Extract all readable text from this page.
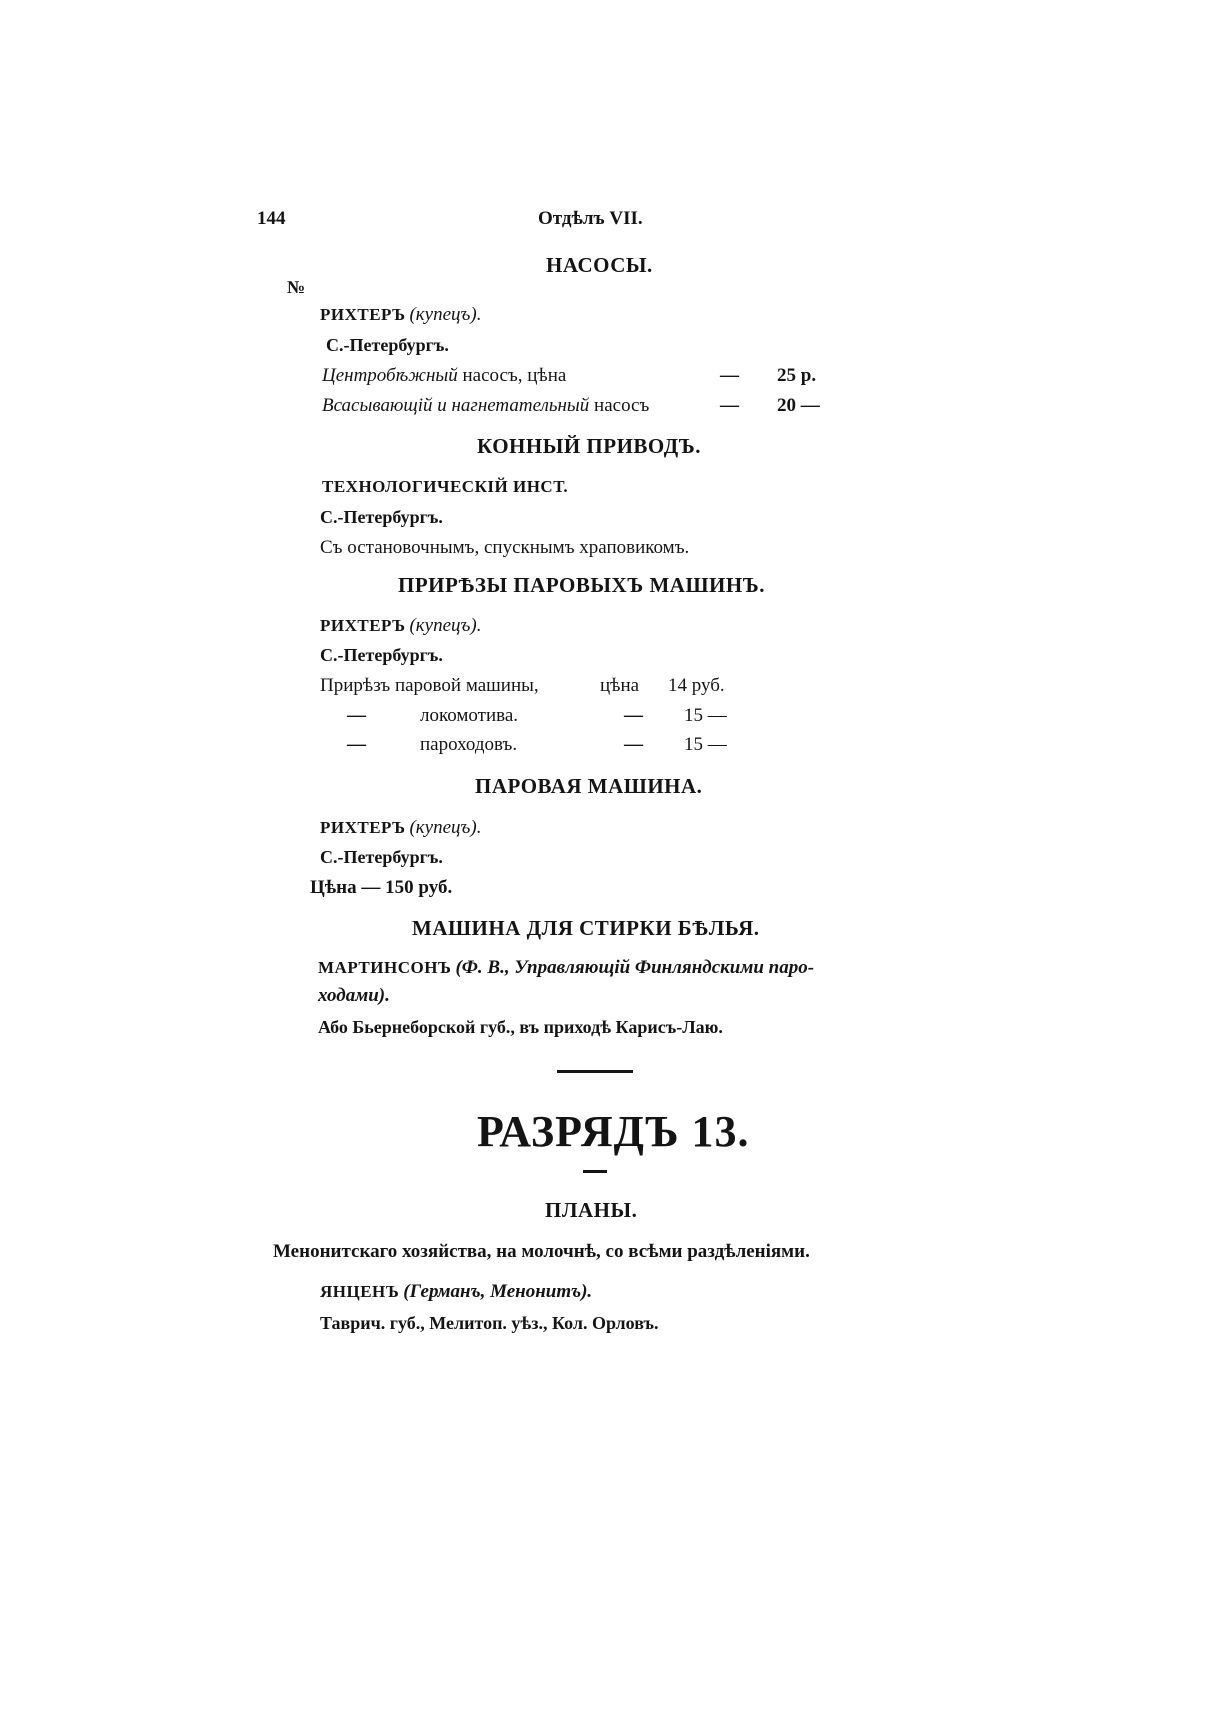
144	Отдѣлъ VII.
НАСОСЫ.
№
РИХТЕРЪ (купецъ).
С.-Петербургъ.
Центробѣжный насосъ, цѣна	— 25 р.
Всасывающій и нагнетательный насосъ	— 20 —
КОННЫЙ ПРИВОДЪ.
ТЕХНОЛОГИЧЕСКІЙ ИНСТ.
С.-Петербургъ.
Съ остановочнымъ, спускнымъ храповикомъ.
ПРИРѢЗЫ ПАРОВЫХЪ МАШИНЪ.
РИХТЕРЪ (купецъ).
С.-Петербургъ.
Прирѣзъ паровой машины,	цѣна 14 руб.
—	локомотива.	— 15 —
—	пароходовъ.	— 15 —
ПАРОВАЯ МАШИНА.
РИХТЕРЪ (купецъ).
С.-Петербургъ.
Цѣна — 150 руб.
МАШИНА ДЛЯ СТИРКИ БѢЛЬЯ.
МАРТИНСОНЪ (Ф. В., Управляющій Финляндскими паро-
ходами).
Або Бьернеборской губ., въ приходѣ Карисъ-Лаю.
РАЗРЯДЪ 13.
ПЛАНЫ.
Менонитскаго хозяйства, на молочнѣ, со всѣми раздѣленіями.
ЯНЦЕНЪ (Германъ, Менонитъ).
Таврич. губ., Мелитоп. уѣз., Кол. Орловъ.
